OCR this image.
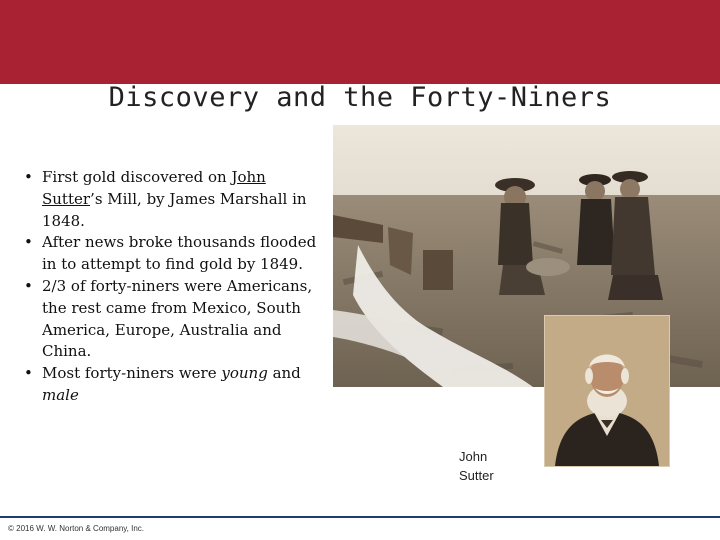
Discovery and the Forty-Niners
• First gold discovered on John Sutter’s Mill, by James Marshall in 1848.
• After news broke thousands flooded in to attempt to find gold by 1849.
• 2/3 of forty-niners were Americans, the rest came from Mexico, South America, Europe, Australia and China.
• Most forty-niners were young and male
John
Sutter
© 2016 W. W. Norton & Company, Inc.
